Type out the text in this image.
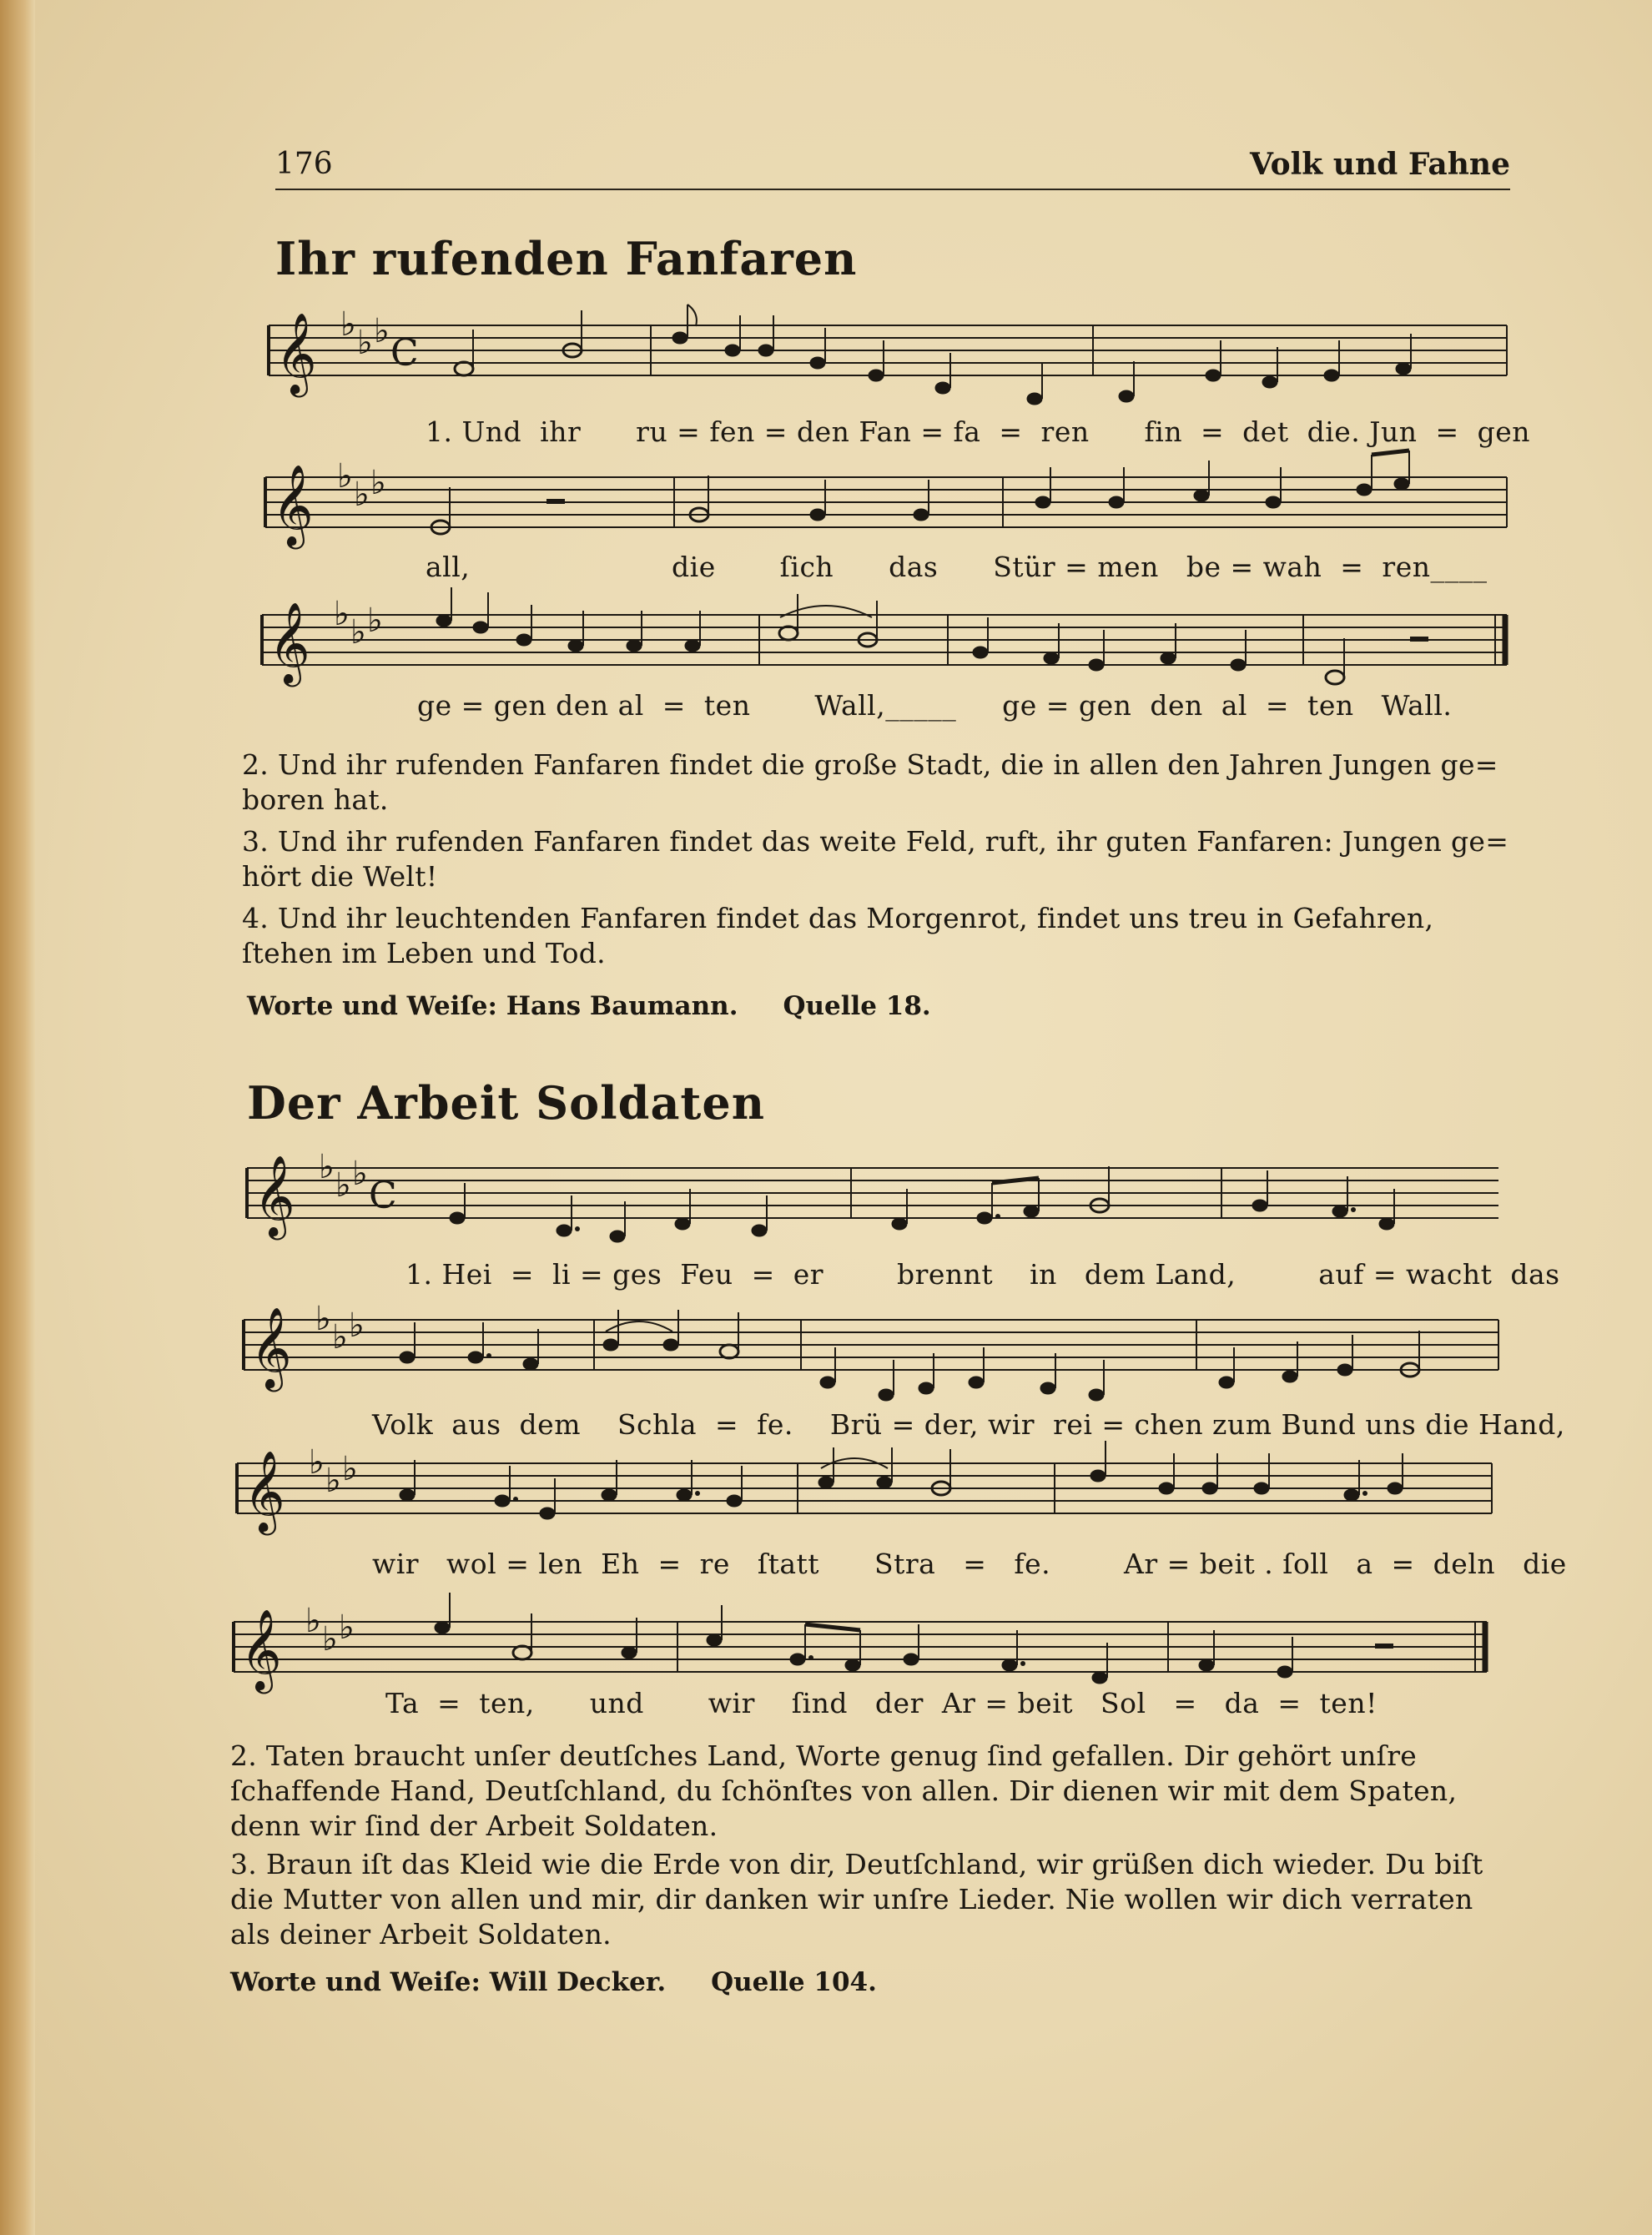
176	Volk und Fahne
Ihr rufenden Fanfaren
𝄞 ♭ ♭ ♭
C
𝄞 ♭ ♭ ♭
𝄞 ♭ ♭ ♭
𝄞 ♭ ♭ ♭
C
𝄞 ♭ ♭ ♭
𝄞 ♭ ♭ ♭
𝄞 ♭ ♭ ♭
1. Und  ihr      ru = fen = den Fan = fa  =  ren      fin  =  det  die. Jun  =  gen
all,                      die       ſich      das      Stür = men   be = wah  =  ren____
ge = gen den al  =  ten       Wall,_____     ge = gen  den  al  =  ten   Wall.
2. Und ihr rufenden Fanfaren findet die große Stadt, die in allen den Jahren Jungen ge= boren hat.
3. Und ihr rufenden Fanfaren findet das weite Feld, ruft, ihr guten Fanfaren: Jungen ge= hört die Welt!
4. Und ihr leuchtenden Fanfaren findet das Morgenrot, findet uns treu in Gefahren, ſtehen im Leben und Tod.
Worte und Weiſe: Hans Baumann.     Quelle 18.
Der Arbeit Soldaten
1. Hei  =  li = ges  Feu  =  er        brennt    in   dem Land,         auf = wacht  das
Volk  aus  dem    Schla  =  fe.    Brü = der, wir  rei = chen zum Bund uns die Hand,
wir   wol = len  Eh  =  re   ſtatt      Stra   =   fe.        Ar = beit . ſoll   a  =  deln   die
Ta  =  ten,      und       wir    ſind   der  Ar = beit   Sol   =   da  =  ten!
2. Taten braucht unſer deutſches Land, Worte genug ſind gefallen. Dir gehört unſre ſchaffende Hand, Deutſchland, du ſchönſtes von allen. Dir dienen wir mit dem Spaten, denn wir ſind der Arbeit Soldaten.
3. Braun iſt das Kleid wie die Erde von dir, Deutſchland, wir grüßen dich wieder. Du biſt die Mutter von allen und mir, dir danken wir unſre Lieder. Nie wollen wir dich verraten als deiner Arbeit Soldaten.
Worte und Weiſe: Will Decker.     Quelle 104.
